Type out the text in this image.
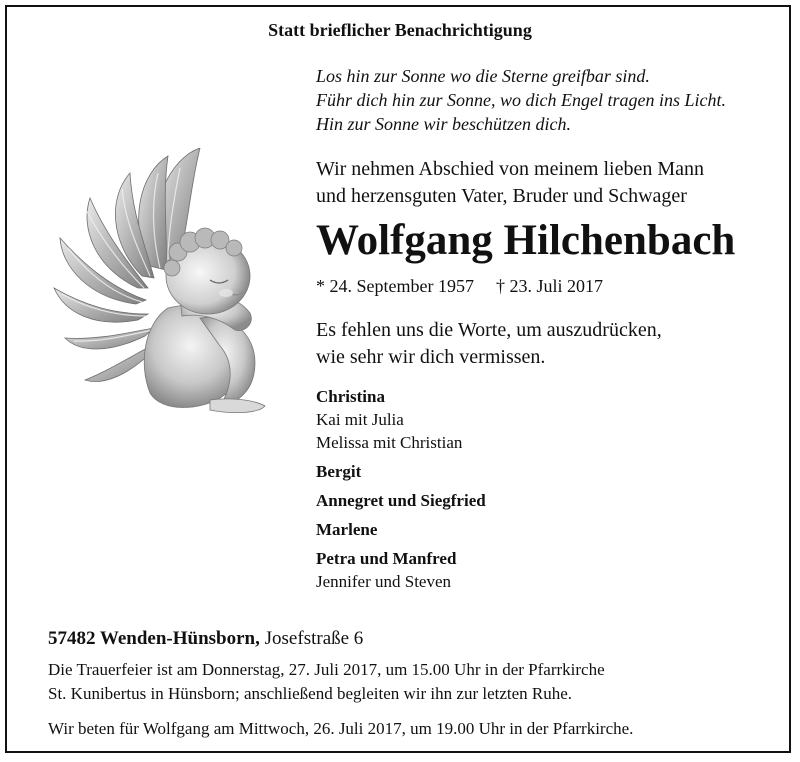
Statt brieflicher Benachrichtigung
Los hin zur Sonne wo die Sterne greifbar sind.
Führ dich hin zur Sonne, wo dich Engel tragen ins Licht.
Hin zur Sonne wir beschützen dich.
Wir nehmen Abschied von meinem lieben Mann
und herzensguten Vater, Bruder und Schwager
Wolfgang Hilchenbach
* 24. September 1957 † 23. Juli 2017
Es fehlen uns die Worte, um auszudrücken,
wie sehr wir dich vermissen.
Christina
Kai mit Julia
Melissa mit Christian
Bergit
Annegret und Siegfried
Marlene
Petra und Manfred
Jennifer und Steven
57482 Wenden-Hünsborn, Josefstraße 6
Die Trauerfeier ist am Donnerstag, 27. Juli 2017, um 15.00 Uhr in der Pfarrkirche
St. Kunibertus in Hünsborn; anschließend begleiten wir ihn zur letzten Ruhe.
Wir beten für Wolfgang am Mittwoch, 26. Juli 2017, um 19.00 Uhr in der Pfarrkirche.
